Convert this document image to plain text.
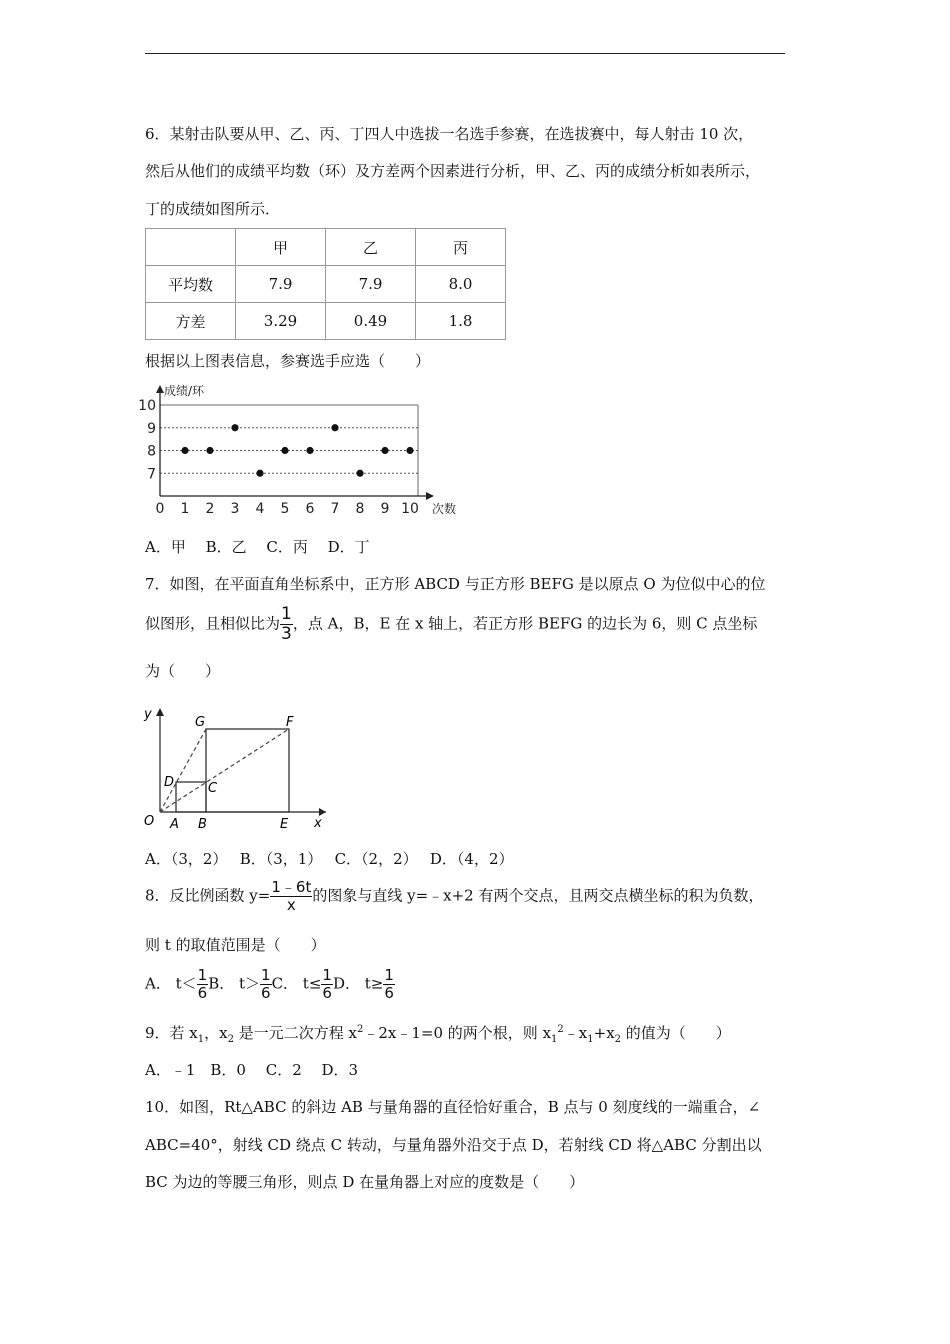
6．某射击队要从甲、乙、丙、丁四人中选拔一名选手参赛，在选拔赛中，每人射击 10 次，
然后从他们的成绩平均数（环）及方差两个因素进行分析，甲、乙、丙的成绩分析如表所示，
丁的成绩如图所示．
	甲	乙	丙
平均数	7.9	7.9	8.0
方差	3.29	0.49	1.8
根据以上图表信息，参赛选手应选（　　）
0 1 2 3 4 5 6 7 8 9 10
7
8
9
10
成绩/环
次数
A．甲　 B．乙　 C．丙　 D．丁
7．如图，在平面直角坐标系中，正方形 ABCD 与正方形 BEFG 是以原点 O 为位似中心的位
似图形，且相似比为 $\frac{1}{3}$ ，点 A，B，E 在 x 轴上，若正方形 BEFG 的边长为 6，则 C 点坐标
为（　　）
y
x
O A B	E
C
D
G	F
A．（3，2）　 B．（3，1）　 C．（2，2）　 D．（4，2）
8．反比例函数 $y= \frac{1﹣6t}{x}$ 的图象与直线 y=﹣x+2 有两个交点，且两交点横坐标的积为负数，
则 t 的取值范围是（　　）
A． $t< \frac{1}{6}$ B． $t> \frac{1}{6}$ C． $t\le \frac{1}{6}$ D． $t\ge \frac{1}{6}$
9．若 $x_1$，$x_2$ 是一元二次方程 $x^2﹣2x﹣1=0$ 的两个根，则 $x_1^2﹣x_1+x_2$ 的值为（　　）
A．﹣1　B．0　 C．2　 D．3
10．如图，Rt△ABC 的斜边 AB 与量角器的直径恰好重合，B 点与 0 刻度线的一端重合，∠
ABC=40°，射线 CD 绕点 C 转动，与量角器外沿交于点 D，若射线 CD 将△ABC 分割出以
BC 为边的等腰三角形，则点 D 在量角器上对应的度数是（　　）
